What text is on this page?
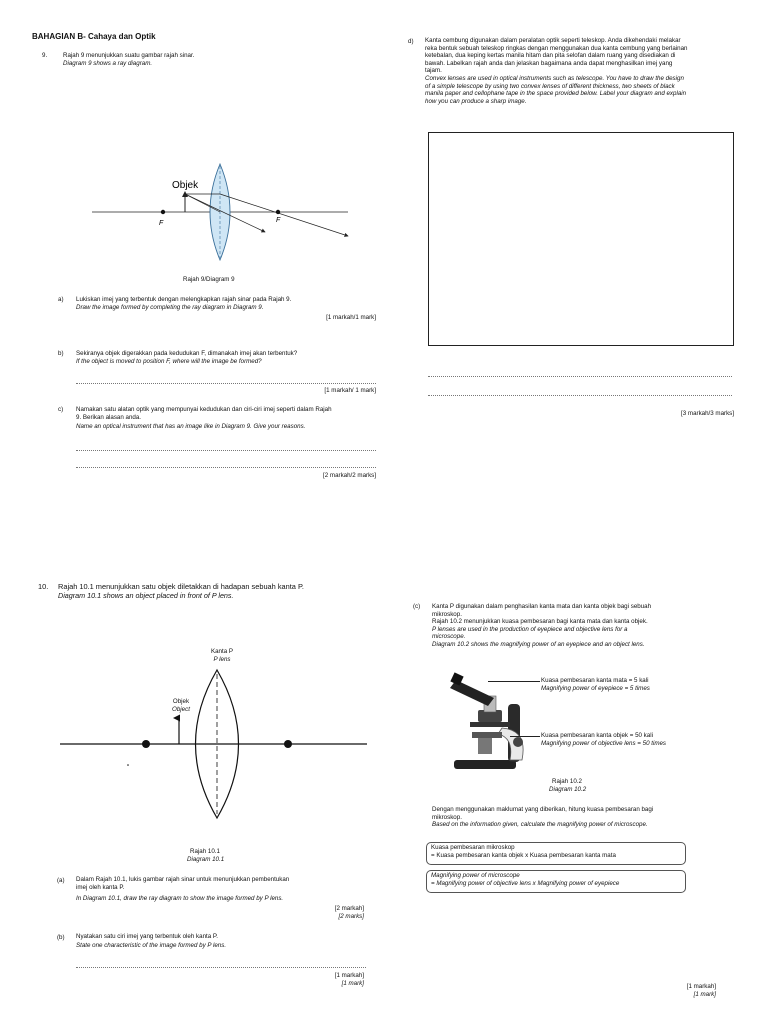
BAHAGIAN B- Cahaya dan Optik
9.	Rajah 9 menunjukkan suatu gambar rajah sinar.
Diagram 9 shows a ray diagram.
Objek
F	F
Rajah 9/Diagram 9
a) Lukiskan imej yang terbentuk dengan melengkapkan rajah sinar pada Rajah 9.
Draw the image formed by completing the ray diagram in Diagram 9.
[1 markah/1 mark]
b) Sekiranya objek digerakkan pada kedudukan F, dimanakah imej akan terbentuk?
If the object is moved to position F, where will the image be formed?
[1 markah/ 1 mark]
c) Namakan satu alatan optik yang mempunyai kedudukan dan ciri-ciri imej seperti dalam Rajah
9. Berikan alasan anda.
Name an optical instrument that has an image like in Diagram 9. Give your reasons.
[2 markah/2 marks]
d) Kanta cembung digunakan dalam peralatan optik seperti teleskop. Anda dikehendaki melakar
reka bentuk sebuah teleskop ringkas dengan menggunakan dua kanta cembung yang berlainan
ketebalan, dua keping kertas manila hitam dan pita selofan dalam ruang yang disediakan di
bawah. Labelkan rajah anda dan jelaskan bagaimana anda dapat menghasilkan imej yang
tajam.
Convex lenses are used in optical instruments such as telescope. You have to draw the design
of a simple telescope by using two convex lenses of different thickness, two sheets of black
manila paper and cellophane tape in the space provided below. Label your diagram and explain
how you can produce a sharp image.
[3 markah/3 marks]
10. Rajah 10.1 menunjukkan satu objek diletakkan di hadapan sebuah kanta P.
Diagram 10.1 shows an object placed in front of P lens.
Kanta P
P lens
Objek
Object
Rajah 10.1
Diagram 10.1
(a) Dalam Rajah 10.1, lukis gambar rajah sinar untuk menunjukkan pembentukan
imej oleh kanta P.
In Diagram 10.1, draw the ray diagram to show the image formed by P lens.
[2 markah]
[2 marks]
(b) Nyatakan satu ciri imej yang terbentuk oleh kanta P.
State one characteristic of the image formed by P lens.
[1 markah]
[1 mark]
(c) Kanta P digunakan dalam penghasilan kanta mata dan kanta objek bagi sebuah
mikroskop.
Rajah 10.2 menunjukkan kuasa pembesaran bagi kanta mata dan kanta objek.
P lenses are used in the production of eyepiece and objective lens for a
microscope.
Diagram 10.2 shows the magnifying power of an eyepiece and an object lens.
Kuasa pembesaran kanta mata = 5 kali
Magnifying power of eyepiece = 5 times
Kuasa pembesaran kanta objek = 50 kali
Magnifying power of objective lens = 50 times
Rajah 10.2
Diagram 10.2
Dengan menggunakan maklumat yang diberikan, hitung kuasa pembesaran bagi
mikroskop.
Based on the information given, calculate the magnifying power of microscope.
Kuasa pembesaran mikroskop
= Kuasa pembesaran kanta objek x Kuasa pembesaran kanta mata
Magnifying power of microscope
= Magnifying power of objective lens x Magnifying power of eyepiece
[1 markah]
[1 mark]
